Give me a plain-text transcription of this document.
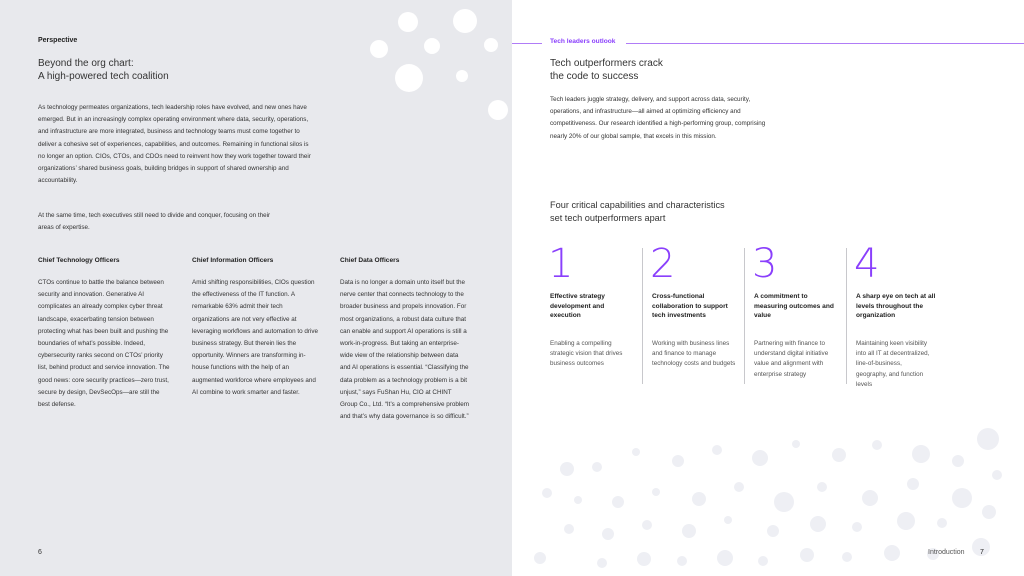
Perspective
Beyond the org chart:
A high-powered tech coalition
As technology permeates organizations, tech leadership roles have evolved, and new ones have emerged. But in an increasingly complex operating environment where data, security, operations, and infrastructure are more integrated, business and technology teams must come together to deliver a cohesive set of experiences, capabilities, and outcomes. Remaining in functional silos is no longer an option. CIOs, CTOs, and CDOs need to reinvent how they work together toward their organizations’ shared business goals, building bridges in support of shared ownership and accountability.
At the same time, tech executives still need to divide and conquer, focusing on their areas of expertise.
Chief Technology Officers
CTOs continue to battle the balance between security and innovation. Generative AI complicates an already complex cyber threat landscape, exacerbating tension between protecting what has been built and pushing the boundaries of what’s possible. Indeed, cybersecurity ranks second on CTOs’ priority list, behind product and service innovation. The good news: core security practices—zero trust, secure by design, DevSecOps—are still the best defense.
Chief Information Officers
Amid shifting responsibilities, CIOs question the effectiveness of the IT function. A remarkable 63% admit their tech organizations are not very effective at leveraging workflows and automation to drive business strategy. But therein lies the opportunity. Winners are transforming in-house functions with the help of an augmented workforce where employees and AI combine to work smarter and faster.
Chief Data Officers
Data is no longer a domain unto itself but the nerve center that connects technology to the broader business and propels innovation. For most organizations, a robust data culture that can enable and support AI operations is still a work-in-progress. But taking an enterprise-wide view of the relationship between data and AI operations is essential. “Classifying the data problem as a technology problem is a bit unjust,” says FuShan Hu, CIO at CHINT Group Co., Ltd. “It’s a comprehensive problem and that’s why data governance is so difficult.”
6
Tech leaders outlook
Tech outperformers crack
the code to success
Tech leaders juggle strategy, delivery, and support across data, security, operations, and infrastructure—all aimed at optimizing efficiency and competitiveness. Our research identified a high-performing group, comprising nearly 20% of our global sample, that excels in this mission.
Four critical capabilities and characteristics
set tech outperformers apart
1
Effective strategy development and execution
Enabling a compelling strategic vision that drives business outcomes
2
Cross-functional collaboration to support tech investments
Working with business lines and finance to manage technology costs and budgets
3
A commitment to measuring outcomes and value
Partnering with finance to understand digital initiative value and alignment with enterprise strategy
4
A sharp eye on tech at all levels throughout the organization
Maintaining keen visibility into all IT at decentralized, line-of-business, geography, and function levels
Introduction 7
